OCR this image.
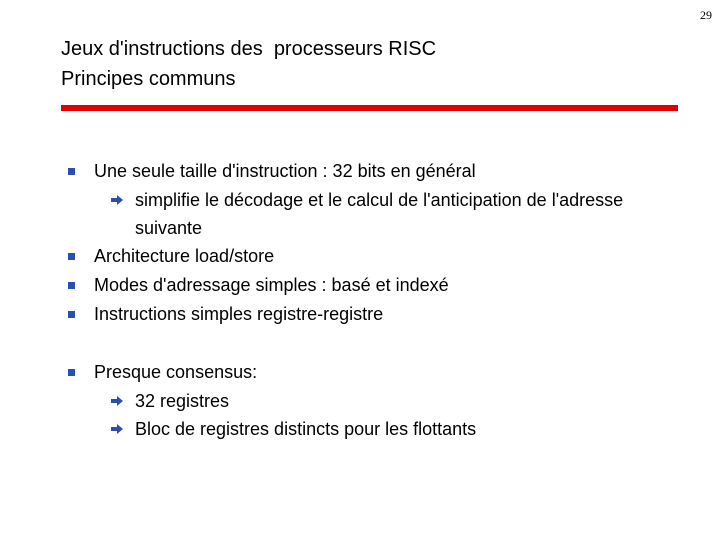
29
Jeux d'instructions des  processeurs RISC
Principes communs
Une seule taille d'instruction : 32 bits en général
simplifie le décodage et le calcul de l'anticipation de l'adresse suivante
Architecture load/store
Modes d'adressage simples : basé et indexé
Instructions simples registre-registre
Presque consensus:
32 registres
Bloc de registres distincts pour les flottants
